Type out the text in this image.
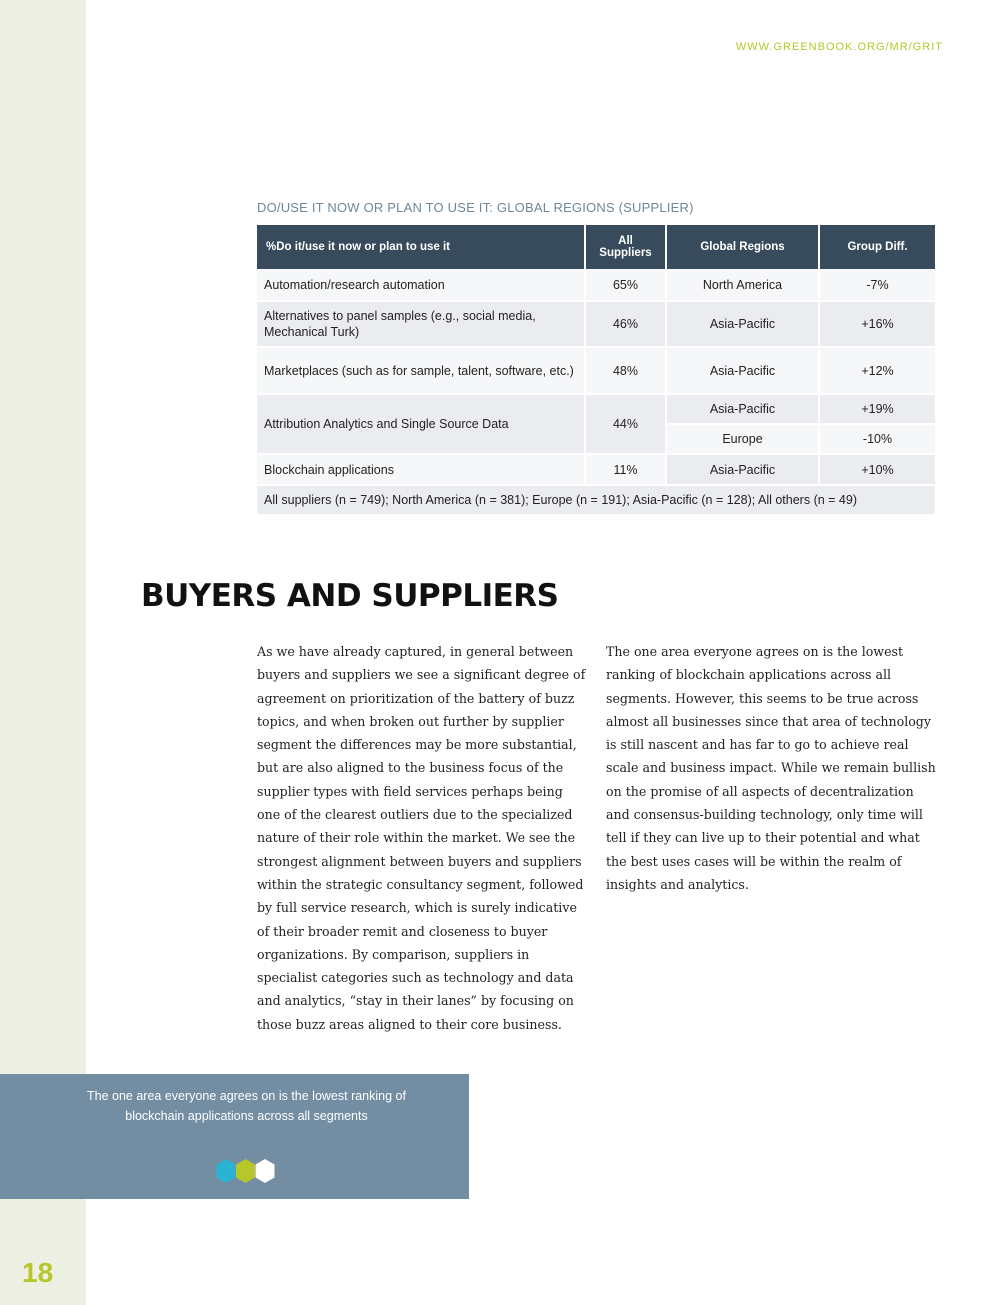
WWW.GREENBOOK.ORG/MR/GRIT
DO/USE IT NOW OR PLAN TO USE IT: GLOBAL REGIONS (SUPPLIER)
%Do it/use it now or plan to use it	All Suppliers	Global Regions	Group Diff.
Automation/research automation	65%	North America	-7%
Alternatives to panel samples (e.g., social media, Mechanical Turk)	46%	Asia-Pacific	+16%
Marketplaces (such as for sample, talent, software, etc.)	48%	Asia-Pacific	+12%
Attribution Analytics and Single Source Data	44%	Asia-Pacific	+19%
		Europe	-10%
Blockchain applications	11%	Asia-Pacific	+10%
All suppliers (n = 749); North America (n = 381); Europe (n = 191); Asia-Pacific (n = 128); All others (n = 49)			
BUYERS AND SUPPLIERS
As we have already captured, in general between buyers and suppliers we see a significant degree of agreement on prioritization of the battery of buzz topics, and when broken out further by supplier segment the differences may be more substantial, but are also aligned to the business focus of the supplier types with field services perhaps being one of the clearest outliers due to the specialized nature of their role within the market. We see the strongest alignment between buyers and suppliers within the strategic consultancy segment, followed by full service research, which is surely indicative of their broader remit and closeness to buyer organizations. By comparison, suppliers in specialist categories such as technology and data and analytics, “stay in their lanes” by focusing on those buzz areas aligned to their core business.
The one area everyone agrees on is the lowest ranking of blockchain applications across all segments. However, this seems to be true across almost all businesses since that area of technology is still nascent and has far to go to achieve real scale and business impact. While we remain bullish on the promise of all aspects of decentralization and consensus-building technology, only time will tell if they can live up to their potential and what the best uses cases will be within the realm of insights and analytics.
The one area everyone agrees on is the lowest ranking of blockchain applications across all segments
18
